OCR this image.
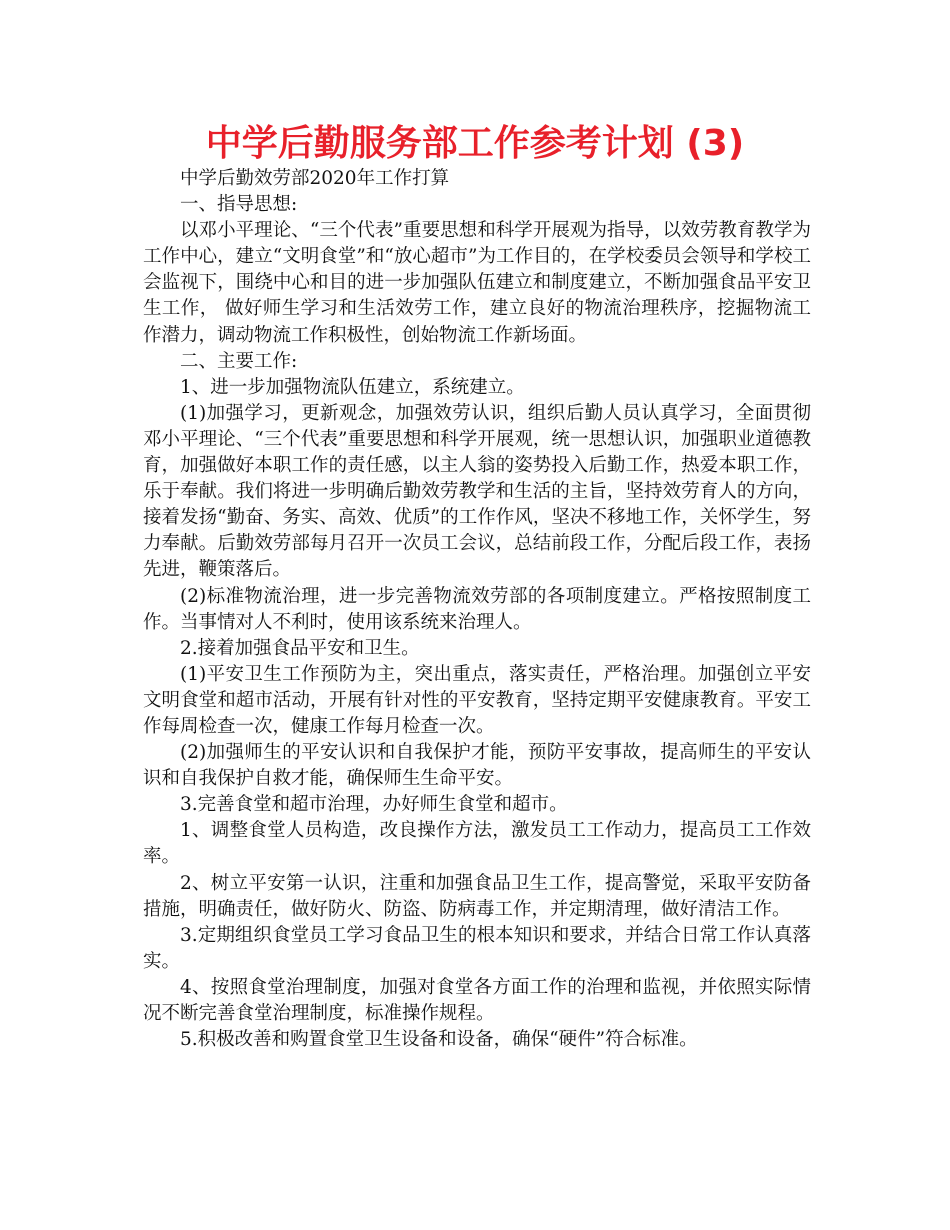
中学后勤服务部工作参考计划 (3)

中学后勤效劳部2020年工作打算

一、指导思想:

以邓小平理论、“三个代表”重要思想和科学开展观为指导，以效劳教育教学为工作中心，建立“文明食堂”和“放心超市”为工作目的，在学校委员会领导和学校工会监视下，围绕中心和目的进一步加强队伍建立和制度建立，不断加强食品平安卫生工作， 做好师生学习和生活效劳工作，建立良好的物流治理秩序，挖掘物流工作潜力，调动物流工作积极性，创始物流工作新场面。

二、主要工作:

1、进一步加强物流队伍建立，系统建立。

(1)加强学习，更新观念，加强效劳认识，组织后勤人员认真学习，全面贯彻邓小平理论、“三个代表”重要思想和科学开展观，统一思想认识，加强职业道德教育，加强做好本职工作的责任感，以主人翁的姿势投入后勤工作，热爱本职工作，乐于奉献。我们将进一步明确后勤效劳教学和生活的主旨，坚持效劳育人的方向，接着发扬“勤奋、务实、高效、优质”的工作作风，坚决不移地工作，关怀学生，努力奉献。后勤效劳部每月召开一次员工会议，总结前段工作，分配后段工作，表扬先进，鞭策落后。

(2)标准物流治理，进一步完善物流效劳部的各项制度建立。严格按照制度工作。当事情对人不利时，使用该系统来治理人。

2.接着加强食品平安和卫生。

(1)平安卫生工作预防为主，突出重点，落实责任，严格治理。加强创立平安文明食堂和超市活动，开展有针对性的平安教育，坚持定期平安健康教育。平安工作每周检查一次，健康工作每月检查一次。

(2)加强师生的平安认识和自我保护才能，预防平安事故，提高师生的平安认识和自我保护自救才能，确保师生生命平安。

3.完善食堂和超市治理，办好师生食堂和超市。

1、调整食堂人员构造，改良操作方法，激发员工工作动力，提高员工工作效率。

2、树立平安第一认识，注重和加强食品卫生工作，提高警觉，采取平安防备措施，明确责任，做好防火、防盗、防病毒工作，并定期清理，做好清洁工作。

3.定期组织食堂员工学习食品卫生的根本知识和要求，并结合日常工作认真落实。

4、按照食堂治理制度，加强对食堂各方面工作的治理和监视，并依照实际情况不断完善食堂治理制度，标准操作规程。

5.积极改善和购置食堂卫生设备和设备，确保“硬件”符合标准。
